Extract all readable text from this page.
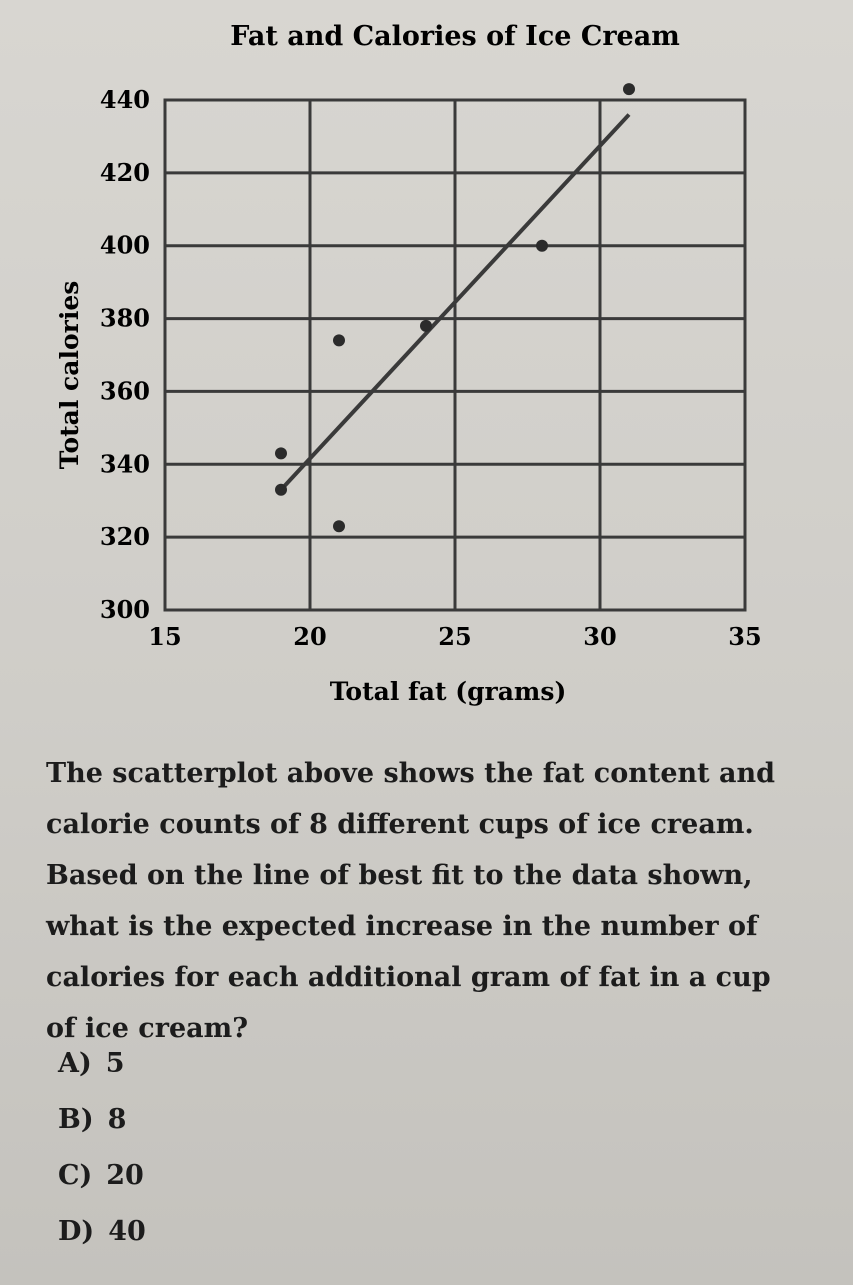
Fat and Calories of Ice Cream
300
320
340
360
380
400
420
440
15	20	25	30	35
Total calories
Total fat (grams)

The scatterplot above shows the fat content and calorie counts of 8 different cups of ice cream. Based on the line of best fit to the data shown, what is the expected increase in the number of calories for each additional gram of fat in a cup of ice cream?

A) 5
B) 8
C) 20
D) 40
